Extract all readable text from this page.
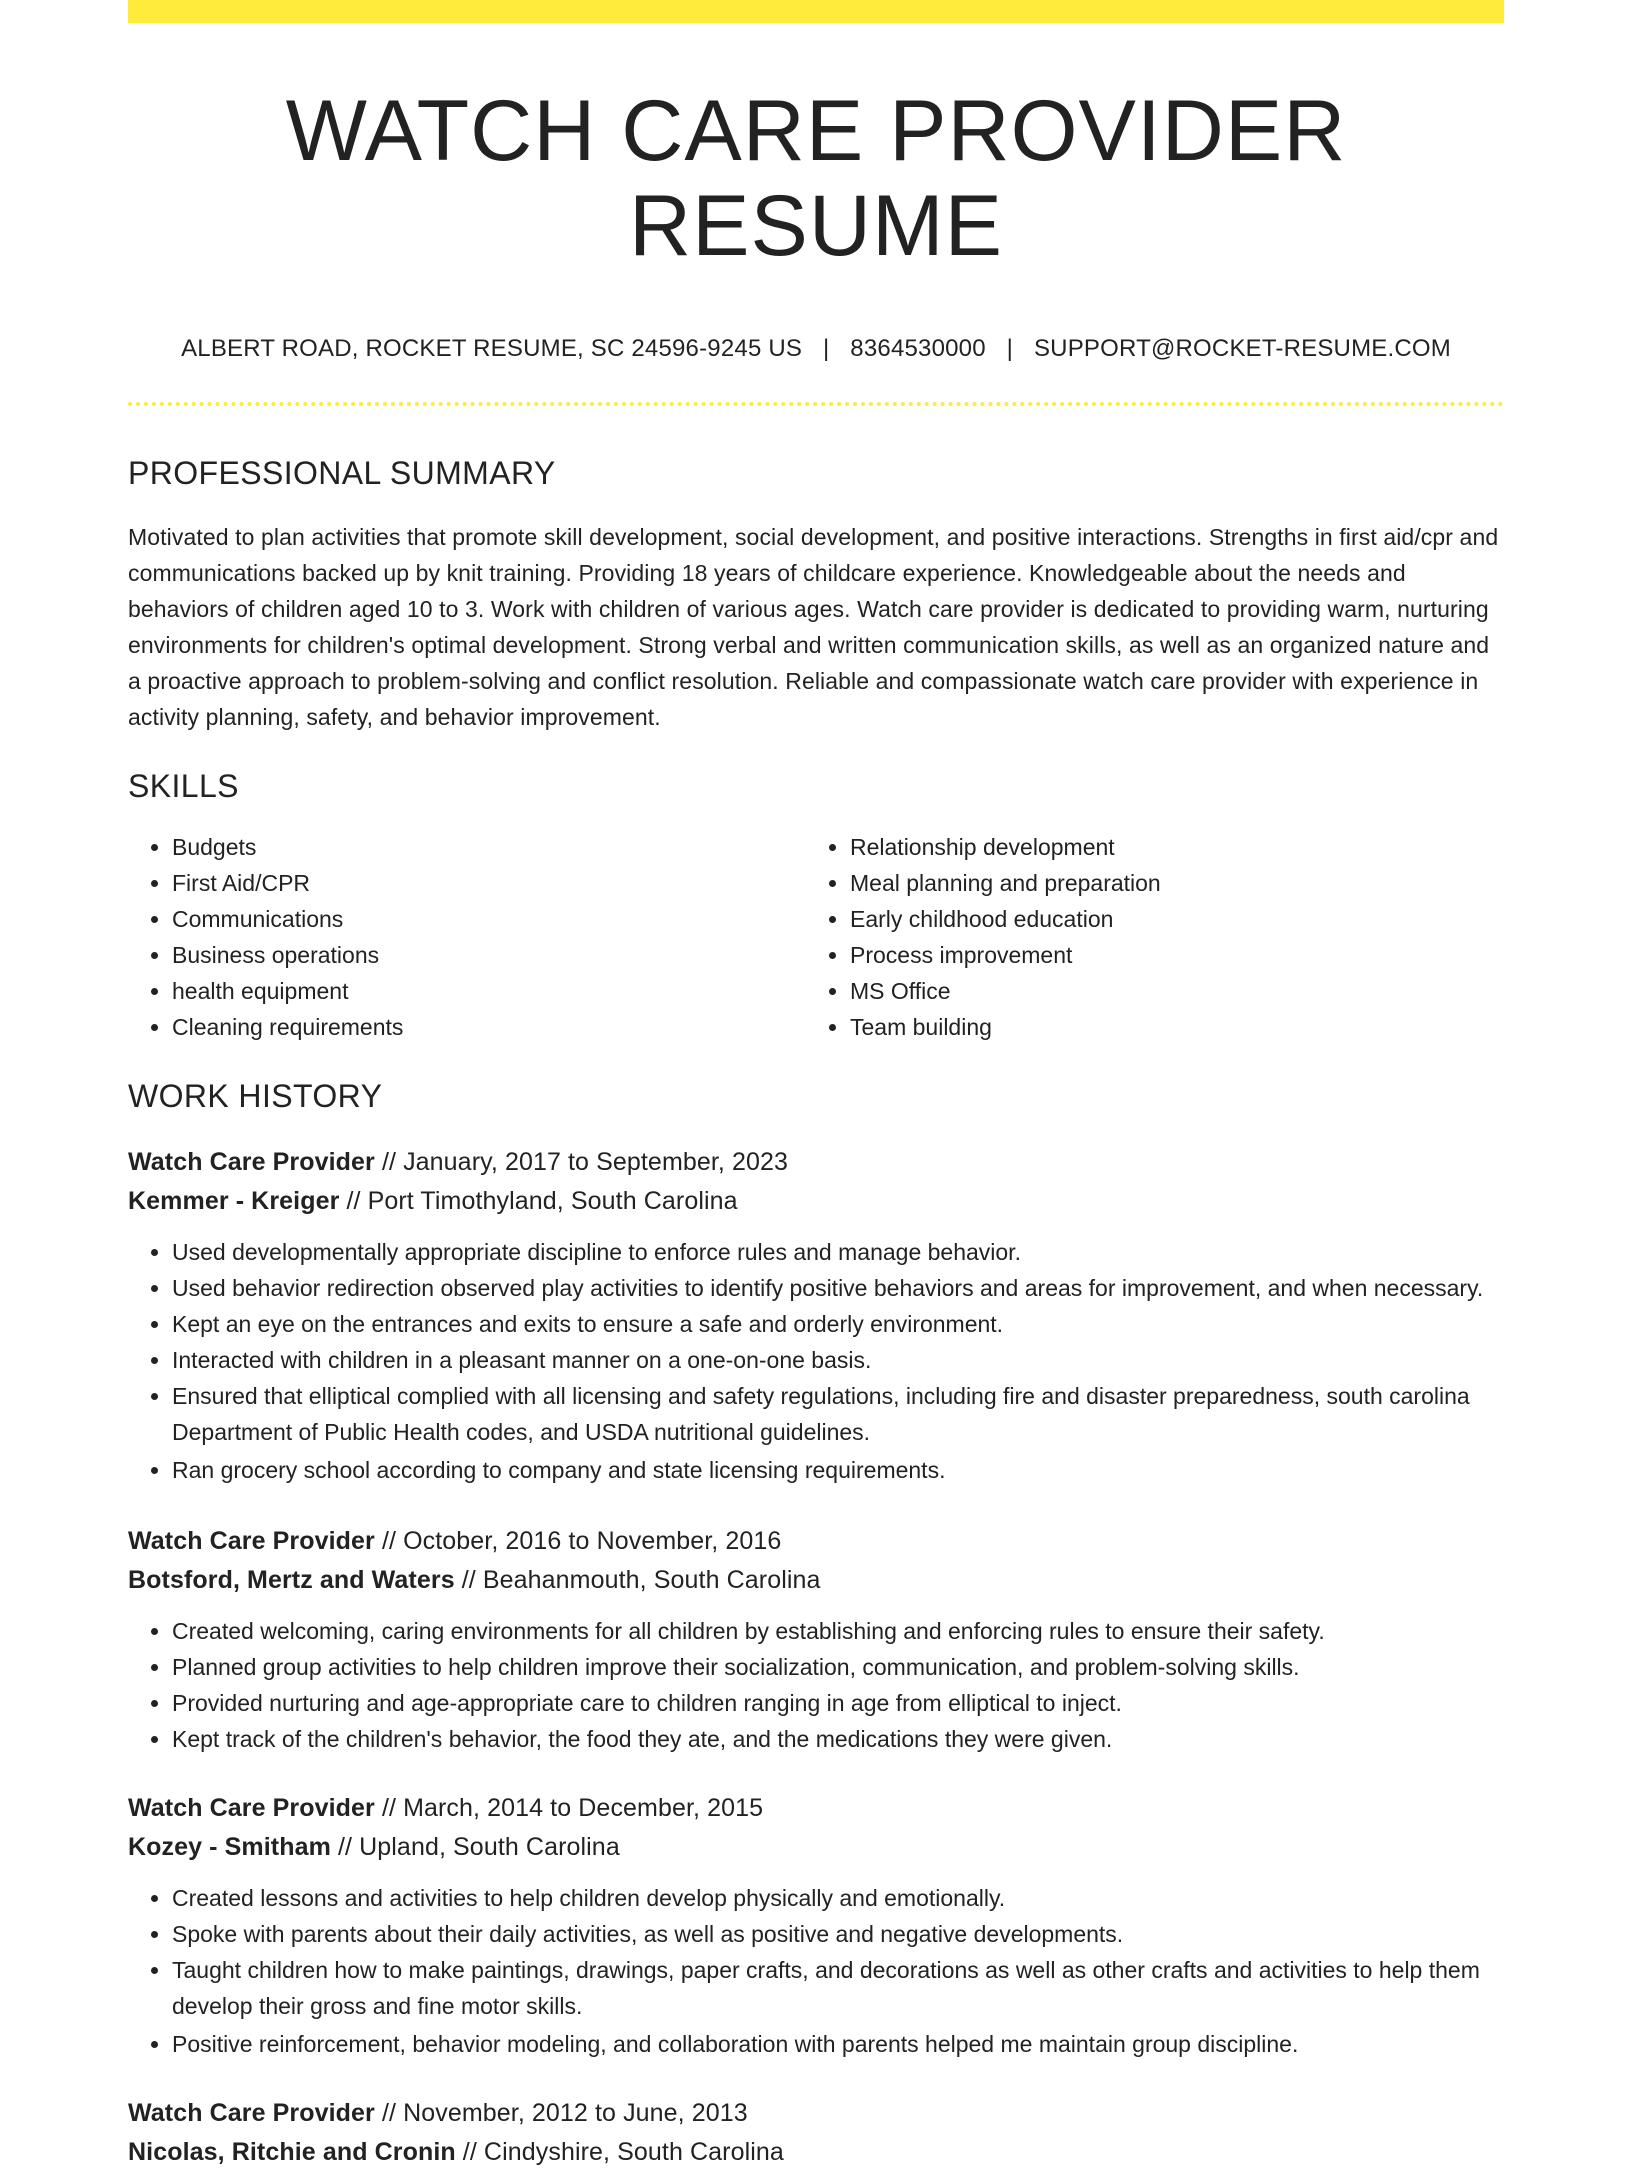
WATCH CARE PROVIDER RESUME
ALBERT ROAD, ROCKET RESUME, SC 24596-9245 US | 8364530000 | SUPPORT@ROCKET-RESUME.COM
PROFESSIONAL SUMMARY

Motivated to plan activities that promote skill development, social development, and positive interactions. Strengths in first aid/cpr and communications backed up by knit training. Providing 18 years of childcare experience. Knowledgeable about the needs and behaviors of children aged 10 to 3. Work with children of various ages. Watch care provider is dedicated to providing warm, nurturing environments for children's optimal development. Strong verbal and written communication skills, as well as an organized nature and a proactive approach to problem-solving and conflict resolution. Reliable and compassionate watch care provider with experience in activity planning, safety, and behavior improvement.

SKILLS
• Budgets
• First Aid/CPR
• Communications
• Business operations
• health equipment
• Cleaning requirements
• Relationship development
• Meal planning and preparation
• Early childhood education
• Process improvement
• MS Office
• Team building
WORK HISTORY
Watch Care Provider // January, 2017 to September, 2023
Kemmer - Kreiger // Port Timothyland, South Carolina
• Used developmentally appropriate discipline to enforce rules and manage behavior.
• Used behavior redirection observed play activities to identify positive behaviors and areas for improvement, and when necessary.
• Kept an eye on the entrances and exits to ensure a safe and orderly environment.
• Interacted with children in a pleasant manner on a one-on-one basis.
• Ensured that elliptical complied with all licensing and safety regulations, including fire and disaster preparedness, south carolina Department of Public Health codes, and USDA nutritional guidelines.
• Ran grocery school according to company and state licensing requirements.
Watch Care Provider // October, 2016 to November, 2016
Botsford, Mertz and Waters // Beahanmouth, South Carolina
• Created welcoming, caring environments for all children by establishing and enforcing rules to ensure their safety.
• Planned group activities to help children improve their socialization, communication, and problem-solving skills.
• Provided nurturing and age-appropriate care to children ranging in age from elliptical to inject.
• Kept track of the children's behavior, the food they ate, and the medications they were given.
Watch Care Provider // March, 2014 to December, 2015
Kozey - Smitham // Upland, South Carolina
• Created lessons and activities to help children develop physically and emotionally.
• Spoke with parents about their daily activities, as well as positive and negative developments.
• Taught children how to make paintings, drawings, paper crafts, and decorations as well as other crafts and activities to help them develop their gross and fine motor skills.
• Positive reinforcement, behavior modeling, and collaboration with parents helped me maintain group discipline.
Watch Care Provider // November, 2012 to June, 2013
Nicolas, Ritchie and Cronin // Cindyshire, South Carolina
